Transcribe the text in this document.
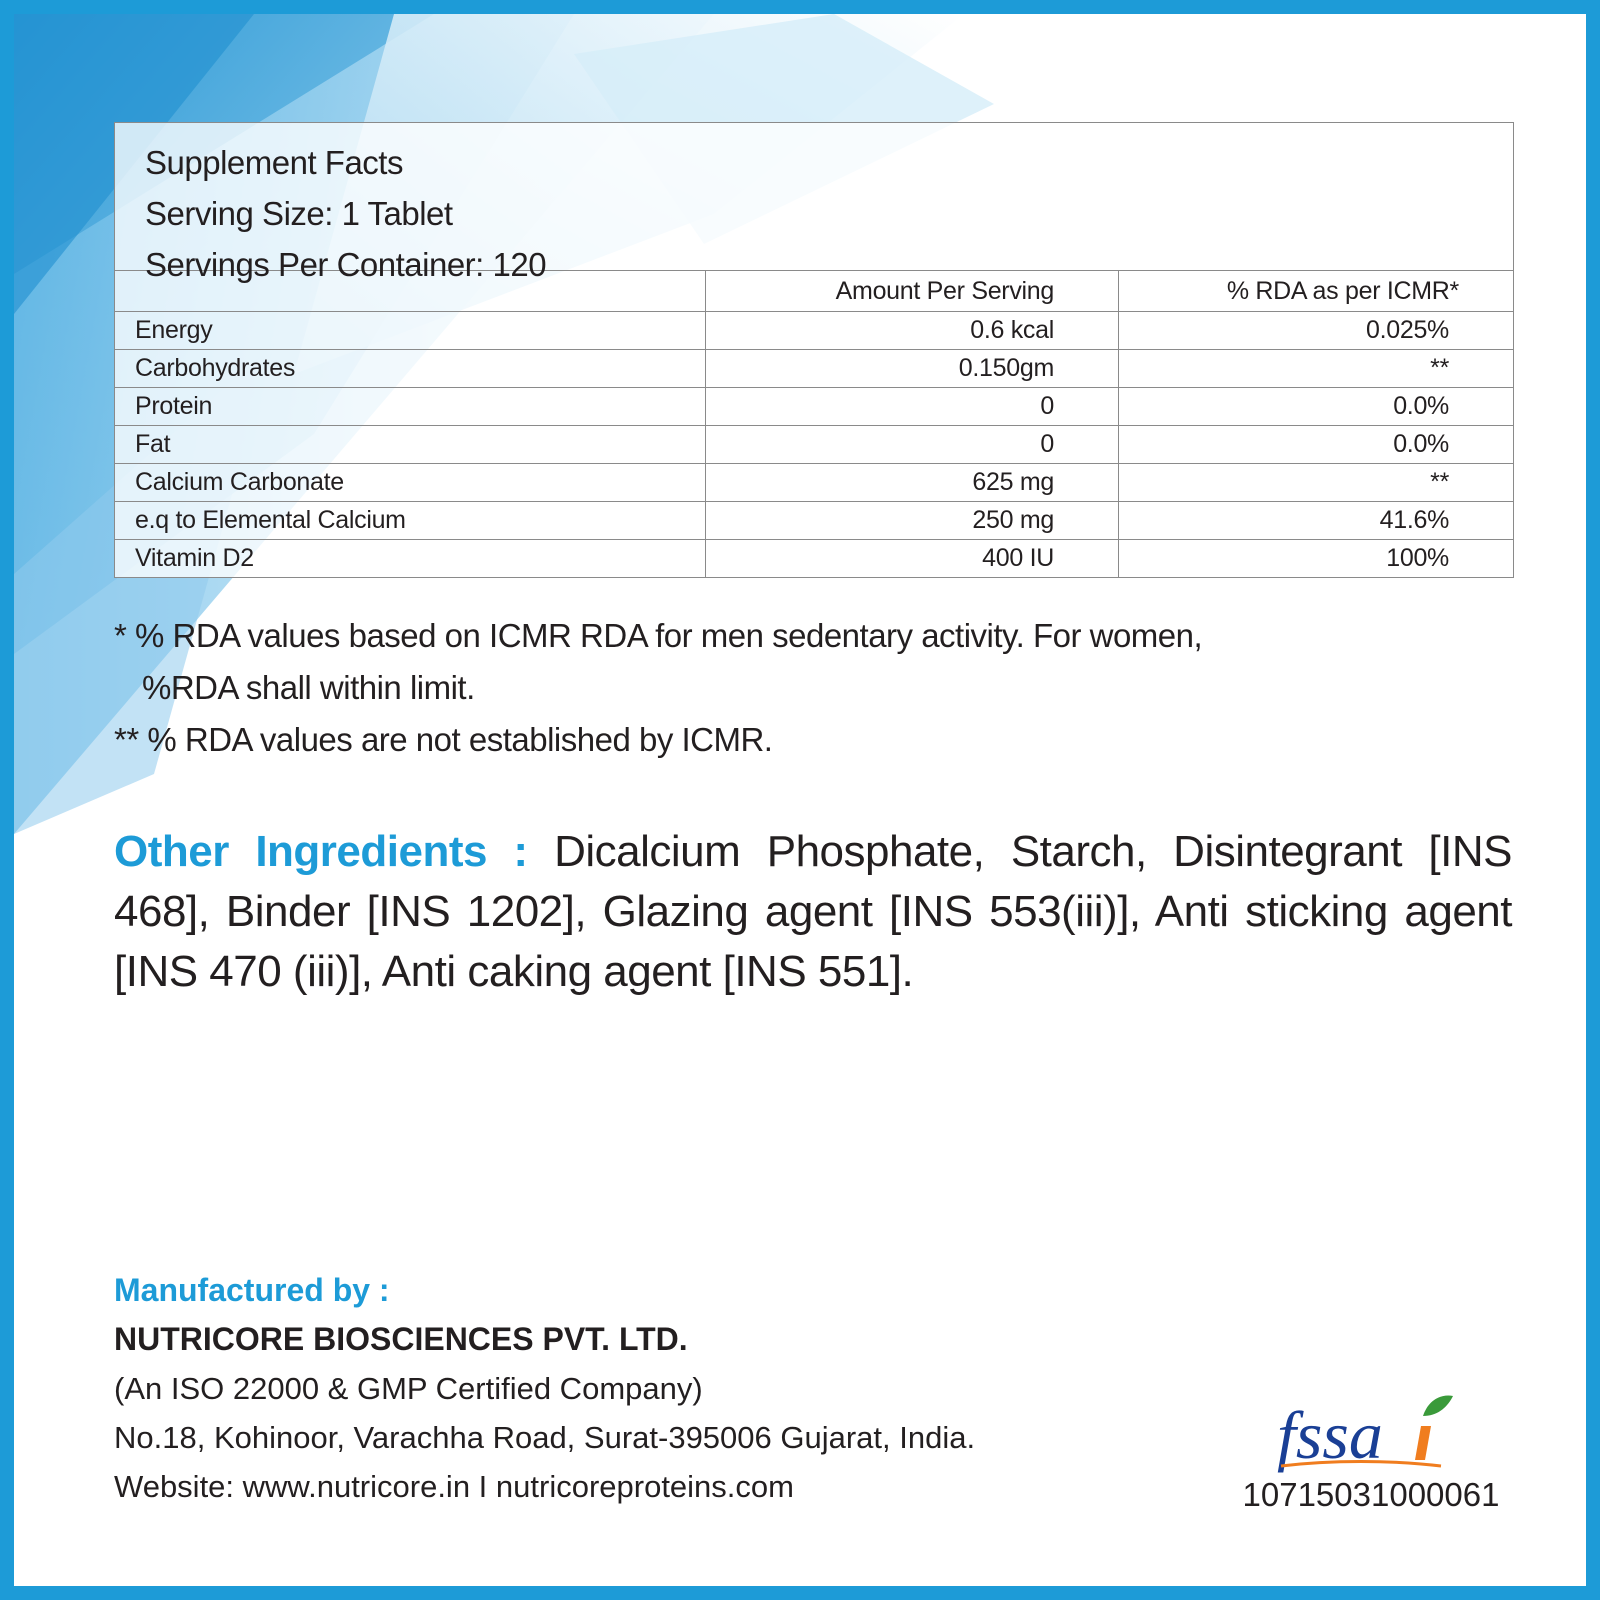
Supplement Facts
Serving Size: 1 Tablet
Servings Per Container: 120
	Amount Per Serving	% RDA as per ICMR*
Energy	0.6 kcal	0.025%
Carbohydrates	0.150gm	**
Protein	0	0.0%
Fat	0	0.0%
Calcium Carbonate	625 mg	**
e.q to Elemental Calcium	250 mg	41.6%
Vitamin D2	400 IU	100%
* % RDA values based on ICMR RDA for men sedentary activity. For women,
%RDA shall within limit.
** % RDA values are not established by ICMR.
Other Ingredients : Dicalcium Phosphate, Starch, Disintegrant [INS 468], Binder [INS 1202], Glazing agent [INS 553(iii)], Anti sticking agent [INS 470 (iii)], Anti caking agent [INS 551].
Manufactured by :
NUTRICORE BIOSCIENCES PVT. LTD.
(An ISO 22000 & GMP Certified Company)
No.18, Kohinoor, Varachha Road, Surat-395006 Gujarat, India.
Website: www.nutricore.in I nutricoreproteins.com
fssa
10715031000061
